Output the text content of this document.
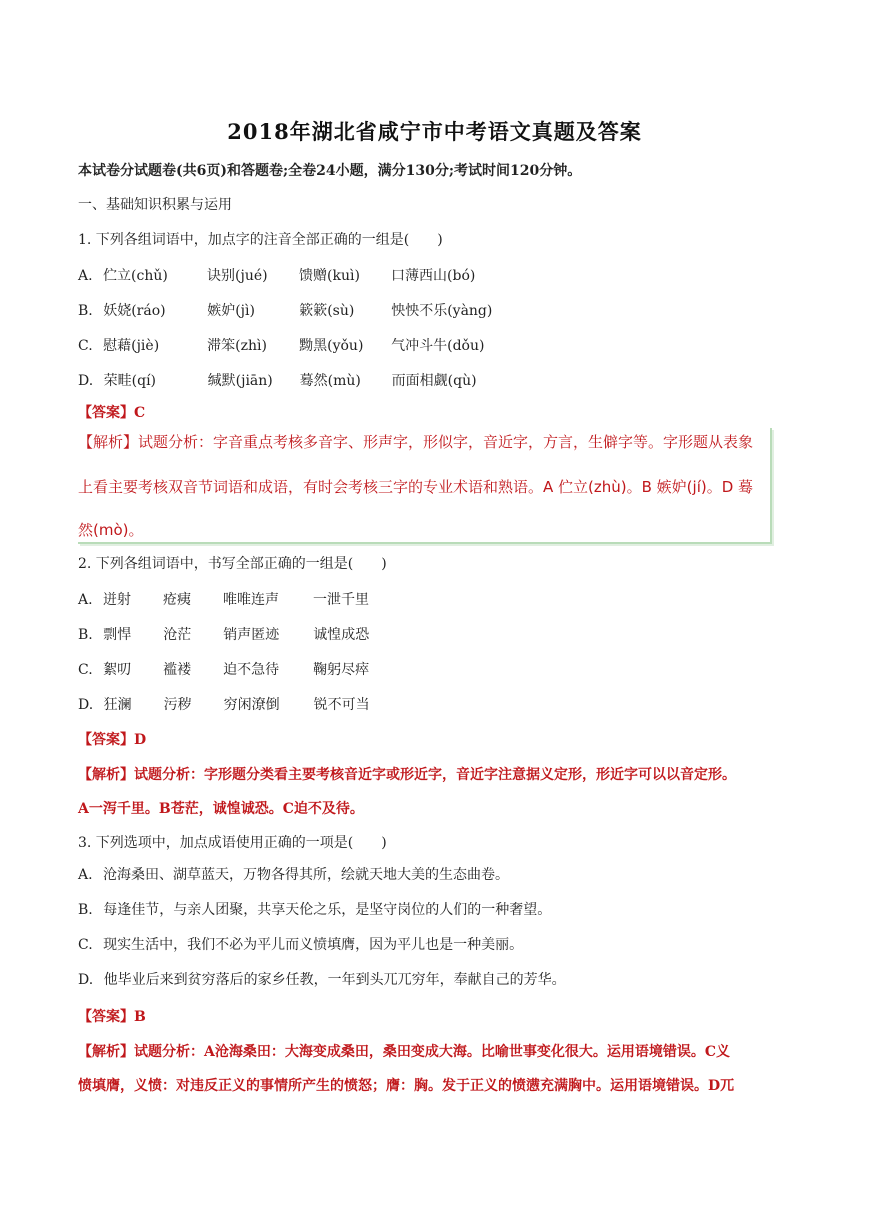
2018年湖北省咸宁市中考语文真题及答案
本试卷分试题卷(共6页)和答题卷;全卷24小题，满分130分;考试时间120分钟。
一、基础知识积累与运用
1. 下列各组词语中，加点字的注音全部正确的一组是(　　)
A. 伫立(chǔ)	诀别(jué) 馈赠(kuì) 口薄西山(bó)
B. 妖娆(ráo)	嫉妒(jì)	簌簌(sù)	怏怏不乐(yàng)
C. 慰藉(jiè)	滞笨(zhì) 黝黑(yǒu) 气冲斗牛(dǒu)
D. 荣畦(qí)	缄默(jiān) 蓦然(mù) 而面相觑(qù)
【答案】C
【解析】试题分析：字音重点考核多音字、形声字，形似字，音近字，方言，生僻字等。字形题从表象
上看主要考核双音节词语和成语，有时会考核三字的专业术语和熟语。A 伫立(zhù)。B 嫉妒(jí)。D 蓦
然(mò)。
2. 下列各组词语中，书写全部正确的一组是(　　)
A. 迸射 疮痍 唯唯连声 一泄千里
B. 剽悍 沧茫 销声匿迹 诚惶成恐
C. 絮叨 褴褛 迫不急待 鞠躬尽瘁
D. 狂澜 污秽 穷闲潦倒 锐不可当
【答案】D
【解析】试题分析：字形题分类看主要考核音近字或形近字，音近字注意据义定形，形近字可以以音定形。
A一泻千里。B苍茫，诚惶诚恐。C迫不及待。
3. 下列选项中，加点成语使用正确的一项是(　　)
A. 沧海桑田、湖草蓝天，万物各得其所，绘就天地大美的生态曲卷。
B. 每逢佳节，与亲人团聚，共享天伦之乐，是坚守岗位的人们的一种奢望。
C. 现实生活中，我们不必为平儿而义愤填膺，因为平儿也是一种美丽。
D. 他毕业后来到贫穷落后的家乡任教，一年到头兀兀穷年，奉献自己的芳华。
【答案】B
【解析】试题分析：A沧海桑田：大海变成桑田，桑田变成大海。比喻世事变化很大。运用语境错误。C义
愤填膺，义愤：对违反正义的事情所产生的愤怒；膺：胸。发于正义的愤懑充满胸中。运用语境错误。D兀
